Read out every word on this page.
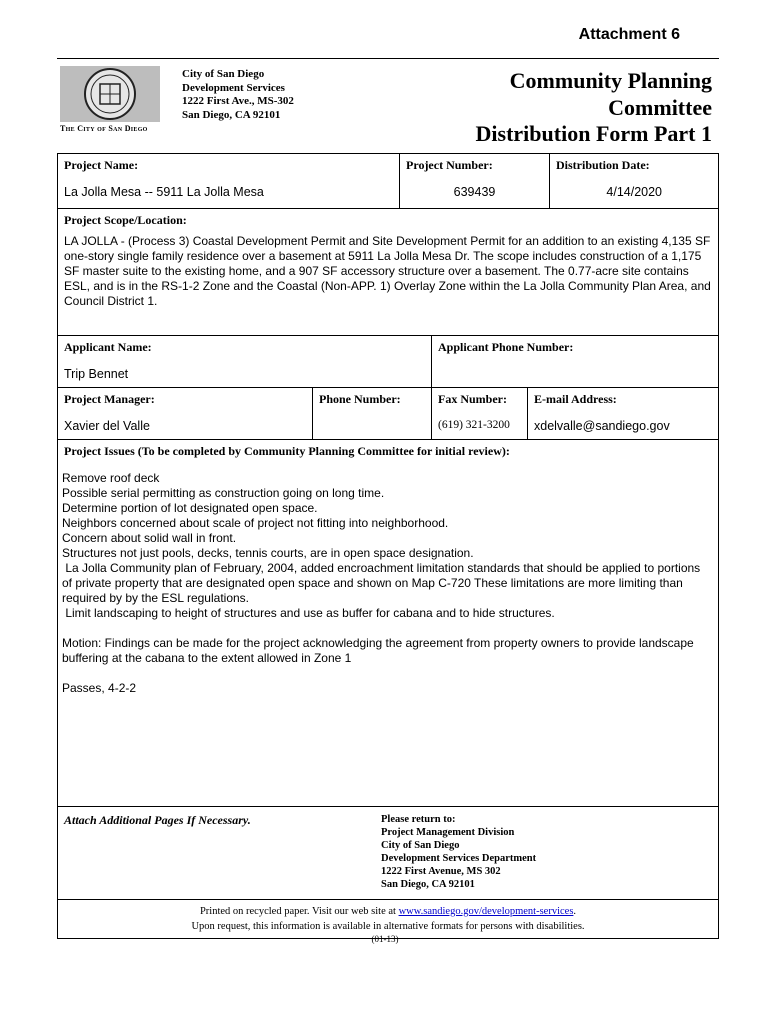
Attachment 6
The City of San Diego
City of San Diego
Development Services
1222 First Ave., MS-302
San Diego, CA 92101
Community Planning
Committee
Distribution Form Part 1
Project Name:
La Jolla Mesa -- 5911 La Jolla Mesa
Project Number:
639439
Distribution Date:
4/14/2020
Project Scope/Location:
LA JOLLA - (Process 3) Coastal Development Permit and Site Development Permit for an addition to an existing 4,135 SF one-story single family residence over a basement at 5911 La Jolla Mesa Dr. The scope includes construction of a 1,175 SF master suite to the existing home, and a 907 SF accessory structure over a basement. The 0.77-acre site contains ESL, and is in the RS-1-2 Zone and the Coastal (Non-APP. 1) Overlay Zone within the La Jolla Community Plan Area, and Council District 1.
Applicant Name:
Trip Bennet
Applicant Phone Number:
Project Manager:
Xavier del Valle
Phone Number:	Fax Number:
(619) 321-3200
E-mail Address:
xdelvalle@sandiego.gov
Project Issues (To be completed by Community Planning Committee for initial review):
Remove roof deck
Possible serial permitting as construction going on long time.
Determine portion of lot designated open space.
Neighbors concerned about scale of project not fitting into neighborhood.
Concern about solid wall in front.
Structures not just pools, decks, tennis courts, are in open space designation.
La Jolla Community plan of February, 2004, added encroachment limitation standards that should be applied to portions of private property that are designated open space and shown on Map C-720 These limitations are more limiting than required by by the ESL regulations.
Limit landscaping to height of structures and use as buffer for cabana and to hide structures.
Motion: Findings can be made for the project acknowledging the agreement from property owners to provide landscape buffering at the cabana to the extent allowed in Zone 1
Passes, 4-2-2
Attach Additional Pages If Necessary.	Please return to:
Project Management Division
City of San Diego
Development Services Department
1222 First Avenue, MS 302
San Diego, CA 92101
Printed on recycled paper. Visit our web site at www.sandiego.gov/development-services.
Upon request, this information is available in alternative formats for persons with disabilities.
(01-13)
